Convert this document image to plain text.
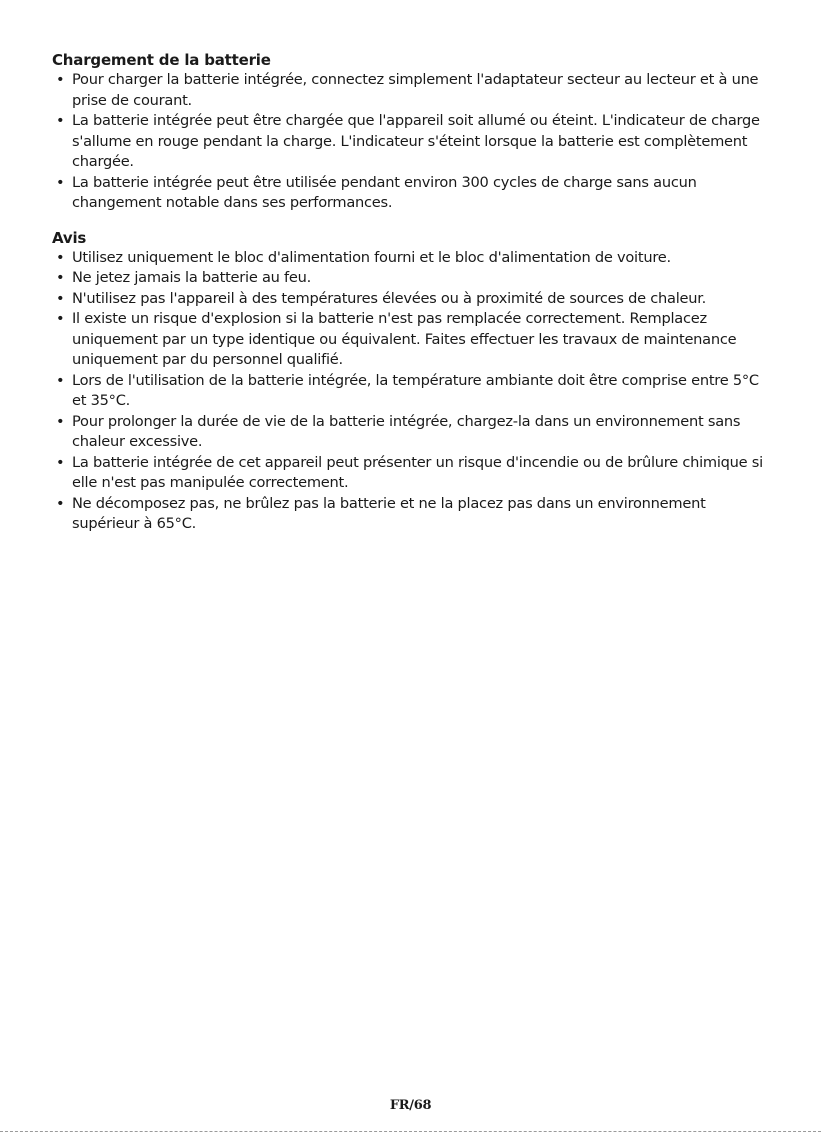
Chargement de la batterie
• Pour charger la batterie intégrée, connectez simplement l'adaptateur secteur au lecteur et à une prise de courant.
• La batterie intégrée peut être chargée que l'appareil soit allumé ou éteint. L'indicateur de charge s'allume en rouge pendant la charge. L'indicateur s'éteint lorsque la batterie est complètement chargée.
• La batterie intégrée peut être utilisée pendant environ 300 cycles de charge sans aucun changement notable dans ses performances.
Avis
• Utilisez uniquement le bloc d'alimentation fourni et le bloc d'alimentation de voiture.
• Ne jetez jamais la batterie au feu.
• N'utilisez pas l'appareil à des températures élevées ou à proximité de sources de chaleur.
• Il existe un risque d'explosion si la batterie n'est pas remplacée correctement. Remplacez uniquement par un type identique ou équivalent. Faites effectuer les travaux de maintenance uniquement par du personnel qualifié.
• Lors de l'utilisation de la batterie intégrée, la température ambiante doit être comprise entre 5°C et 35°C.
• Pour prolonger la durée de vie de la batterie intégrée, chargez-la dans un environnement sans chaleur excessive.
• La batterie intégrée de cet appareil peut présenter un risque d'incendie ou de brûlure chimique si elle n'est pas manipulée correctement.
• Ne décomposez pas, ne brûlez pas la batterie et ne la placez pas dans un environnement supérieur à 65°C.
FR/68
